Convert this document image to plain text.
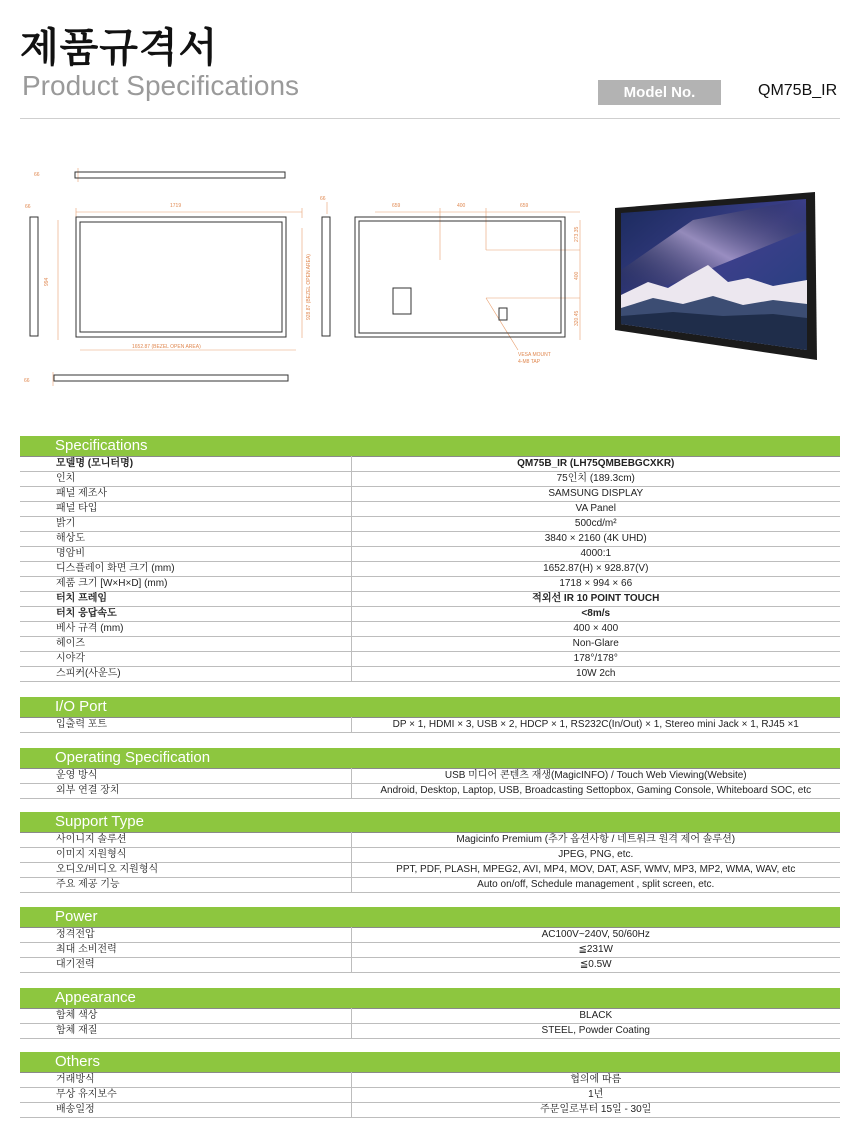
제품규격서
Product Specifications	Model No.	QM75B_IR
66
1719
66
994
1652.87 (BEZEL OPEN AREA)
928.87 (BEZEL OPEN AREA)
66
659	400	659
273.35
400
320.45
VESA MOUNT
4-M8 TAP
66
Specifications
모델명 (모니터명)	QM75B_IR (LH75QMBEBGCXKR)
인치	75인치 (189.3cm)
패널 제조사	SAMSUNG DISPLAY
패널 타입	VA Panel
밝기	500cd/m²
해상도	3840 × 2160 (4K UHD)
명암비	4000:1
디스플레이 화면 크기 (mm)	1652.87(H) × 928.87(V)
제품 크기 [W×H×D] (mm)	1718 × 994 × 66
터치 프레임	적외선 IR 10 POINT TOUCH
터치 응답속도	<8m/s
베사 규격 (mm)	400 × 400
헤이즈	Non-Glare
시야각	178°/178°
스피커(사운드)	10W 2ch
I/O Port
입출력 포트	DP × 1, HDMI × 3, USB × 2, HDCP × 1, RS232C(In/Out) × 1, Stereo mini Jack × 1, RJ45 ×1
Operating Specification
운영 방식	USB 미디어 콘텐츠 재생(MagicINFO) / Touch Web Viewing(Website)
외부 연결 장치	Android, Desktop, Laptop, USB, Broadcasting Settopbox, Gaming Console, Whiteboard SOC, etc
Support Type
사이니지 솔루션	Magicinfo Premium (추가 옵션사항 / 네트워크 원격 제어 솔루션)
이미지 지원형식	JPEG, PNG, etc.
오디오/비디오 지원형식	PPT, PDF, PLASH, MPEG2, AVI, MP4, MOV, DAT, ASF, WMV, MP3, MP2, WMA, WAV, etc
주요 제공 기능	Auto on/off, Schedule management , split screen, etc.
Power
정격전압	AC100V~240V, 50/60Hz
최대 소비전력	≦231W
대기전력	≦0.5W
Appearance
함체 색상	BLACK
함체 재질	STEEL, Powder Coating
Others
거래방식	협의에 따름
무상 유지보수	1년
배송일정	주문일로부터 15일 - 30일
